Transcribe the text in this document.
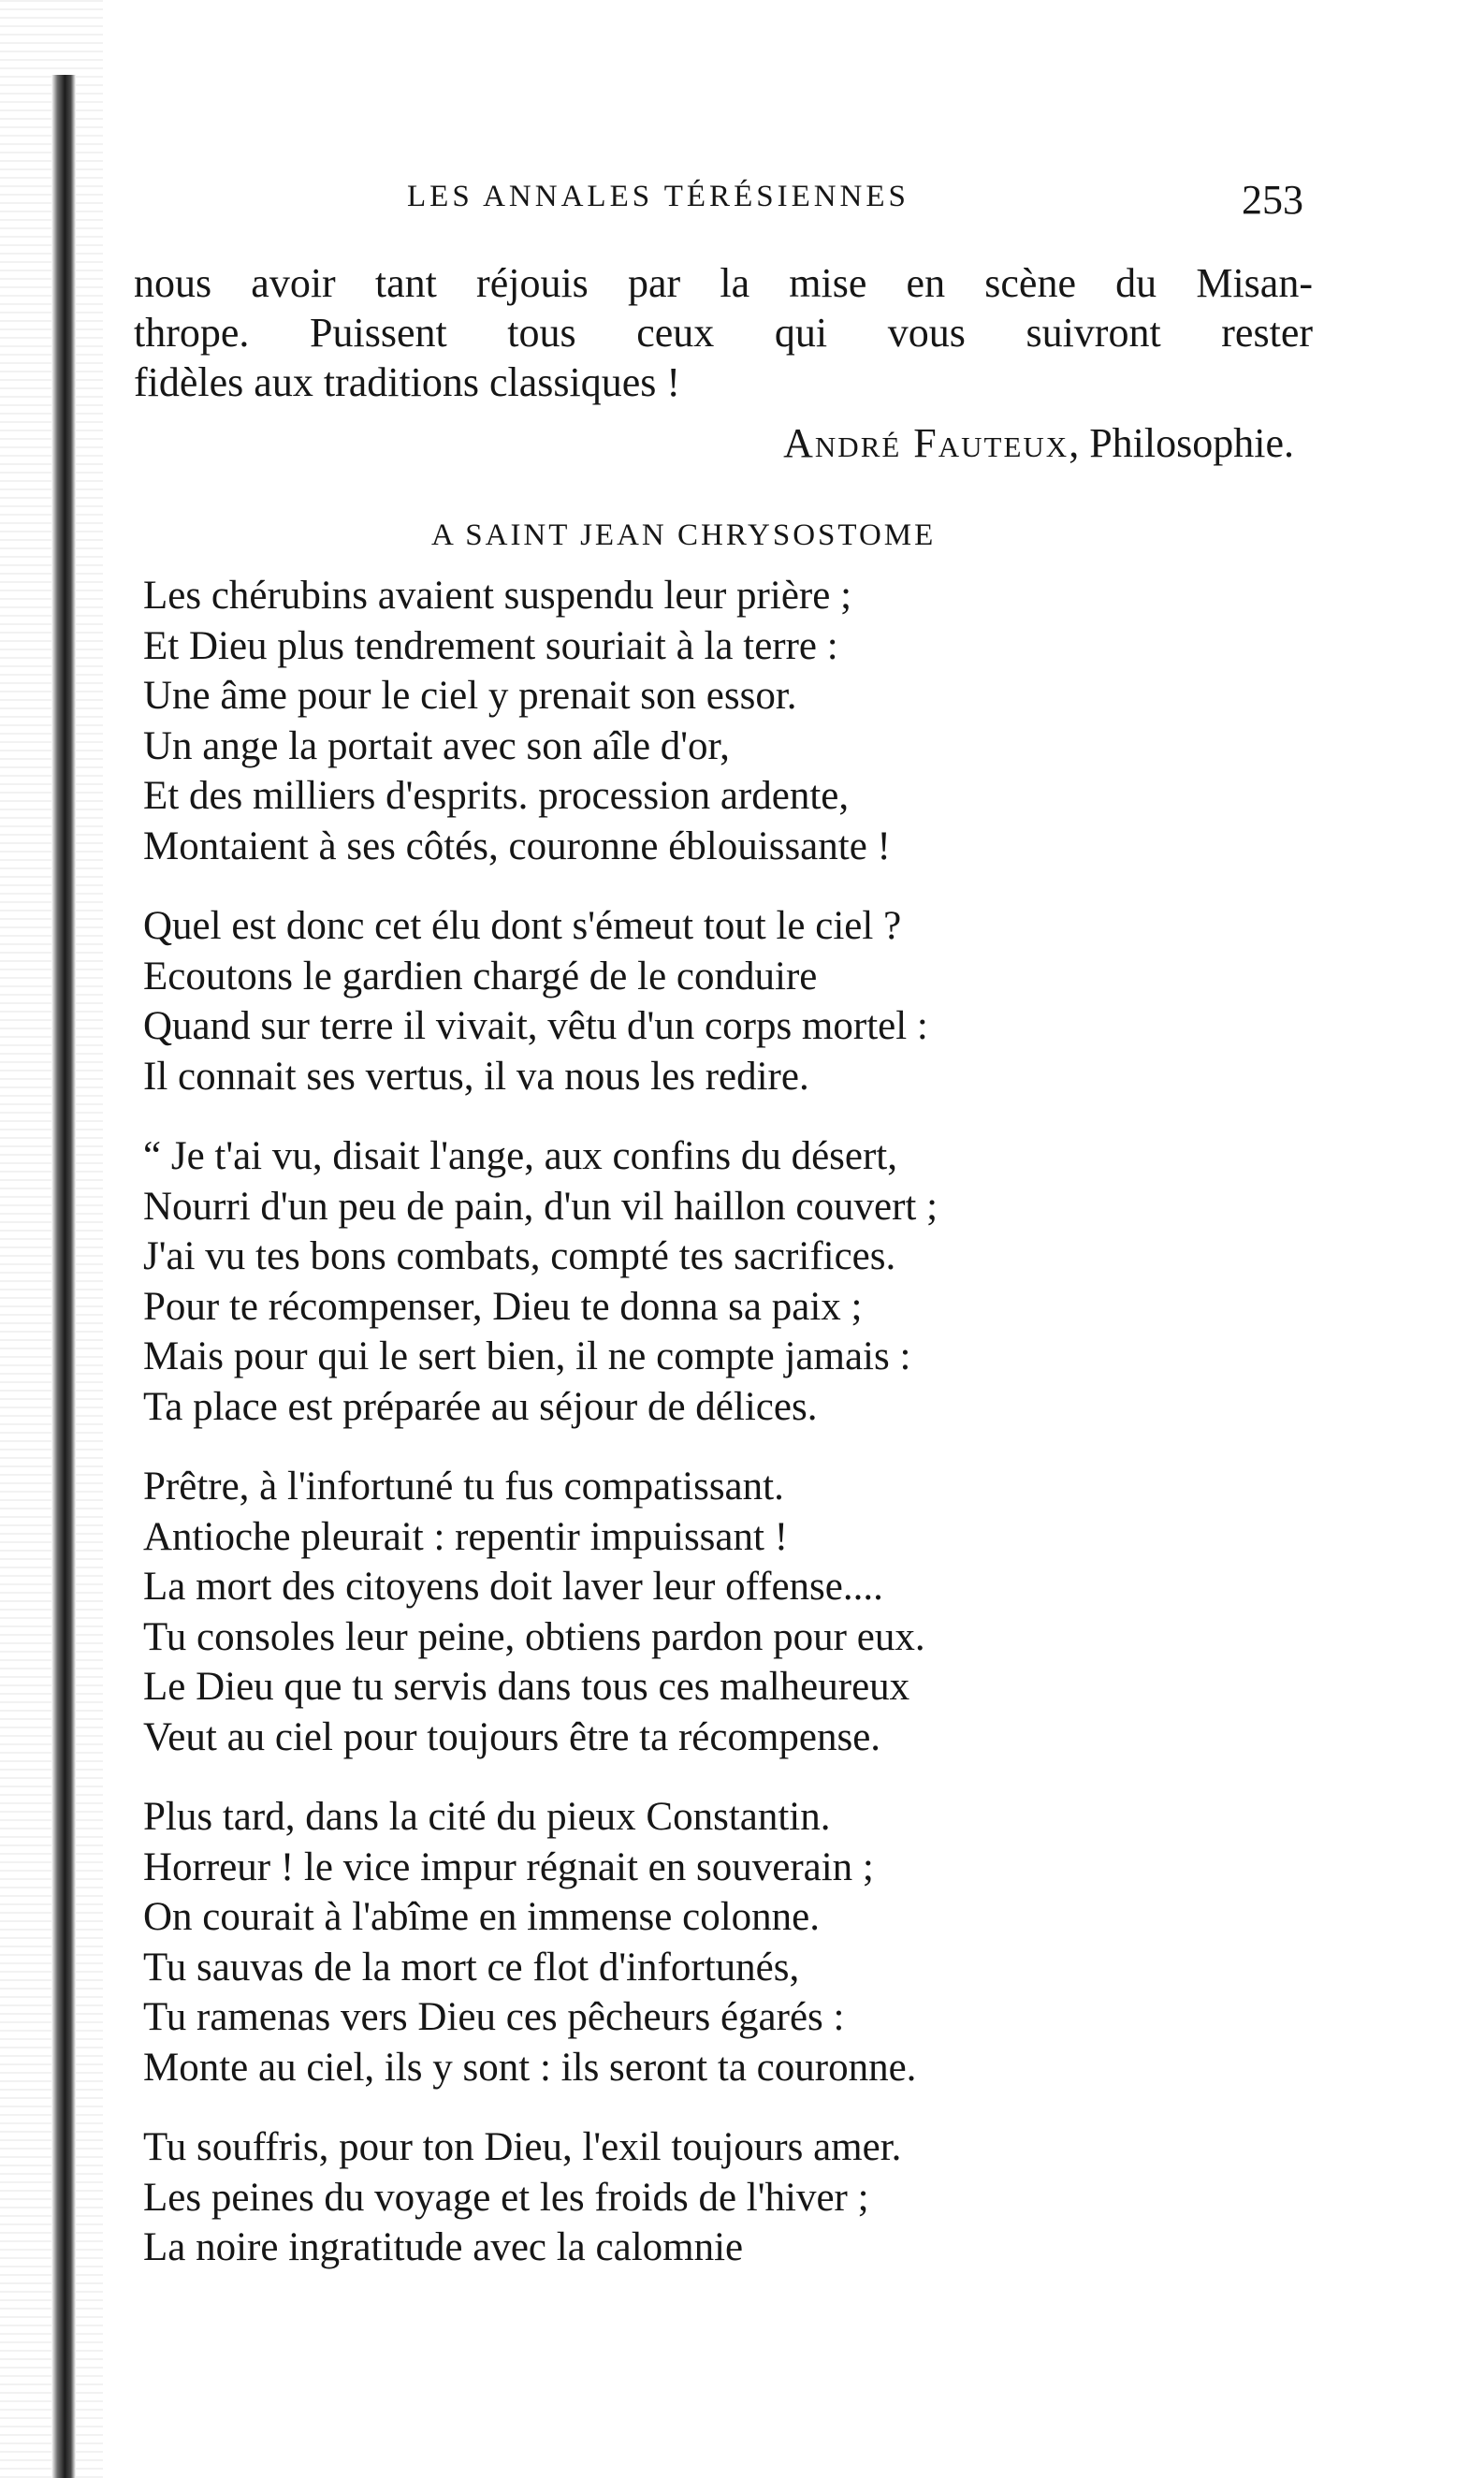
LES ANNALES TÉRÉSIENNES	253
nous avoir tant réjouis par la mise en scène du Misan-
thrope. Puissent tous ceux qui vous suivront rester
fidèles aux traditions classiques !
André Fauteux, Philosophie.
A SAINT JEAN CHRYSOSTOME
Les chérubins avaient suspendu leur prière ;
Et Dieu plus tendrement souriait à la terre :
Une âme pour le ciel y prenait son essor.
Un ange la portait avec son aîle d'or,
Et des milliers d'esprits. procession ardente,
Montaient à ses côtés, couronne éblouissante !
Quel est donc cet élu dont s'émeut tout le ciel ?
Ecoutons le gardien chargé de le conduire
Quand sur terre il vivait, vêtu d'un corps mortel :
Il connait ses vertus, il va nous les redire.
“ Je t'ai vu, disait l'ange, aux confins du désert,
Nourri d'un peu de pain, d'un vil haillon couvert ;
J'ai vu tes bons combats, compté tes sacrifices.
Pour te récompenser, Dieu te donna sa paix ;
Mais pour qui le sert bien, il ne compte jamais :
Ta place est préparée au séjour de délices.
Prêtre, à l'infortuné tu fus compatissant.
Antioche pleurait : repentir impuissant !
La mort des citoyens doit laver leur offense....
Tu consoles leur peine, obtiens pardon pour eux.
Le Dieu que tu servis dans tous ces malheureux
Veut au ciel pour toujours être ta récompense.
Plus tard, dans la cité du pieux Constantin.
Horreur ! le vice impur régnait en souverain ;
On courait à l'abîme en immense colonne.
Tu sauvas de la mort ce flot d'infortunés,
Tu ramenas vers Dieu ces pêcheurs égarés :
Monte au ciel, ils y sont : ils seront ta couronne.
Tu souffris, pour ton Dieu, l'exil toujours amer.
Les peines du voyage et les froids de l'hiver ;
La noire ingratitude avec la calomnie
